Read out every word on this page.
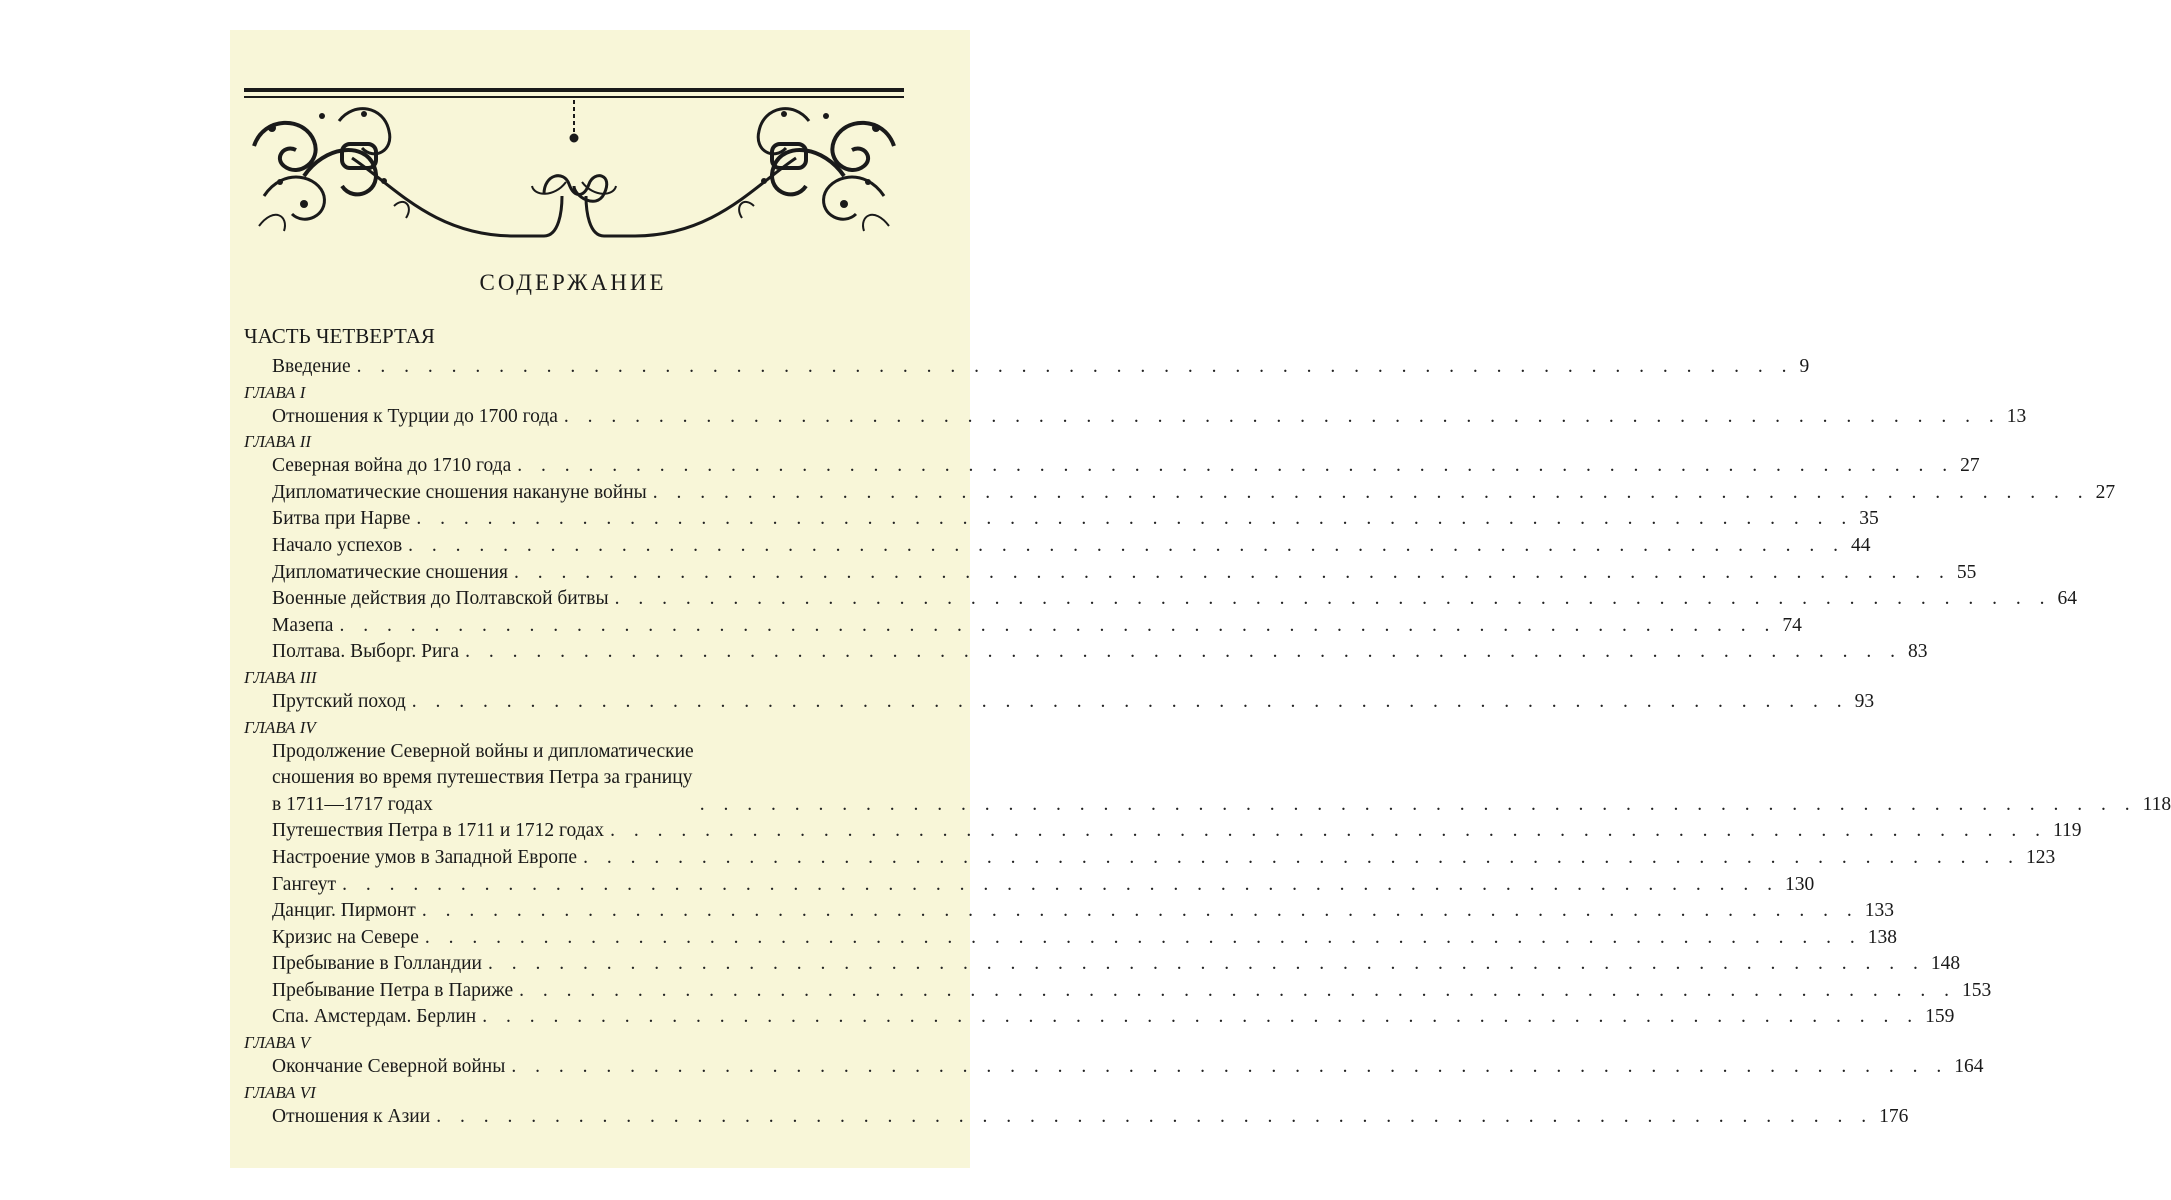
СОДЕРЖАНИЕ
ЧАСТЬ ЧЕТВЕРТАЯ
Введение . . . . . . . . . . . . . . . . . . . . . . . . . . . . . . . . . . . . . . . . . . . . . . . . . . . . . . . . . . . . . 9
ГЛАВА I
Отношения к Турции до 1700 года . . . . . . . . . . . . . . . . . . . . . . . . . . . . . . . . . . . . . . . . . . . . . . . . . . . . . . . . . . . . . 13
ГЛАВА II
Северная война до 1710 года . . . . . . . . . . . . . . . . . . . . . . . . . . . . . . . . . . . . . . . . . . . . . . . . . . . . . . . . . . . . . 27
Дипломатические сношения накануне войны . . . . . . . . . . . . . . . . . . . . . . . . . . . . . . . . . . . . . . . . . . . . . . . . . . . . . . . . . . . . . 27
Битва при Нарве . . . . . . . . . . . . . . . . . . . . . . . . . . . . . . . . . . . . . . . . . . . . . . . . . . . . . . . . . . . . . 35
Начало успехов . . . . . . . . . . . . . . . . . . . . . . . . . . . . . . . . . . . . . . . . . . . . . . . . . . . . . . . . . . . . . 44
Дипломатические сношения . . . . . . . . . . . . . . . . . . . . . . . . . . . . . . . . . . . . . . . . . . . . . . . . . . . . . . . . . . . . . 55
Военные действия до Полтавской битвы . . . . . . . . . . . . . . . . . . . . . . . . . . . . . . . . . . . . . . . . . . . . . . . . . . . . . . . . . . . . . 64
Мазепа . . . . . . . . . . . . . . . . . . . . . . . . . . . . . . . . . . . . . . . . . . . . . . . . . . . . . . . . . . . . . 74
Полтава. Выборг. Рига . . . . . . . . . . . . . . . . . . . . . . . . . . . . . . . . . . . . . . . . . . . . . . . . . . . . . . . . . . . . . 83
ГЛАВА III
Прутский поход . . . . . . . . . . . . . . . . . . . . . . . . . . . . . . . . . . . . . . . . . . . . . . . . . . . . . . . . . . . . . 93
ГЛАВА IV
Продолжение Северной войны и дипломатические
сношения во время путешествия Петра за границу
в 1711—1717 годах	. . . . . . . . . . . . . . . . . . . . . . . . . . . . . . . . . . . . . . . . . . . . . . . . . . . . . . . . . . . . . 118
Путешествия Петра в 1711 и 1712 годах . . . . . . . . . . . . . . . . . . . . . . . . . . . . . . . . . . . . . . . . . . . . . . . . . . . . . . . . . . . . . 119
Настроение умов в Западной Европе . . . . . . . . . . . . . . . . . . . . . . . . . . . . . . . . . . . . . . . . . . . . . . . . . . . . . . . . . . . . . 123
Гангеут . . . . . . . . . . . . . . . . . . . . . . . . . . . . . . . . . . . . . . . . . . . . . . . . . . . . . . . . . . . . . 130
Данциг. Пирмонт . . . . . . . . . . . . . . . . . . . . . . . . . . . . . . . . . . . . . . . . . . . . . . . . . . . . . . . . . . . . . 133
Кризис на Севере . . . . . . . . . . . . . . . . . . . . . . . . . . . . . . . . . . . . . . . . . . . . . . . . . . . . . . . . . . . . . 138
Пребывание в Голландии . . . . . . . . . . . . . . . . . . . . . . . . . . . . . . . . . . . . . . . . . . . . . . . . . . . . . . . . . . . . . 148
Пребывание Петра в Париже . . . . . . . . . . . . . . . . . . . . . . . . . . . . . . . . . . . . . . . . . . . . . . . . . . . . . . . . . . . . . 153
Спа. Амстердам. Берлин . . . . . . . . . . . . . . . . . . . . . . . . . . . . . . . . . . . . . . . . . . . . . . . . . . . . . . . . . . . . . 159
ГЛАВА V
Окончание Северной войны . . . . . . . . . . . . . . . . . . . . . . . . . . . . . . . . . . . . . . . . . . . . . . . . . . . . . . . . . . . . . 164
ГЛАВА VI
Отношения к Азии . . . . . . . . . . . . . . . . . . . . . . . . . . . . . . . . . . . . . . . . . . . . . . . . . . . . . . . . . . . . . 176
